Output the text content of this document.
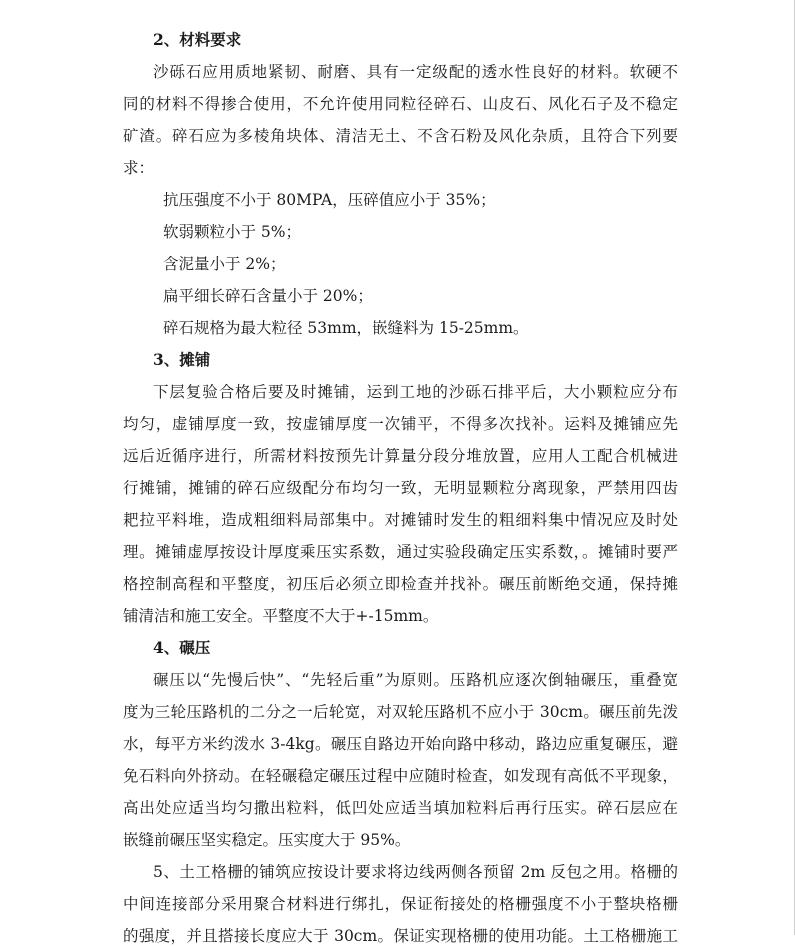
2、材料要求
沙砾石应用质地紧韧、耐磨、具有一定级配的透水性良好的材料。软硬不
同的材料不得掺合使用，不允许使用同粒径碎石、山皮石、风化石子及不稳定
矿渣。碎石应为多棱角块体、清洁无土、不含石粉及风化杂质，且符合下列要
求：
抗压强度不小于 80MPA，压碎值应小于 35%；
软弱颗粒小于 5%；
含泥量小于 2%；
扁平细长碎石含量小于 20%；
碎石规格为最大粒径 53mm，嵌缝料为 15-25mm。
3、摊铺
下层复验合格后要及时摊铺，运到工地的沙砾石排平后，大小颗粒应分布
均匀，虚铺厚度一致，按虚铺厚度一次铺平，不得多次找补。运料及摊铺应先
远后近循序进行，所需材料按预先计算量分段分堆放置，应用人工配合机械进
行摊铺，摊铺的碎石应级配分布均匀一致，无明显颗粒分离现象，严禁用四齿
耙拉平料堆，造成粗细料局部集中。对摊铺时发生的粗细料集中情况应及时处
理。摊铺虚厚按设计厚度乘压实系数，通过实验段确定压实系数，。摊铺时要严
格控制高程和平整度，初压后必须立即检查并找补。碾压前断绝交通，保持摊
铺清洁和施工安全。平整度不大于+-15mm。
4、碾压
碾压以“先慢后快”、“先轻后重”为原则。压路机应逐次倒轴碾压，重叠宽
度为三轮压路机的二分之一后轮宽，对双轮压路机不应小于 30cm。碾压前先泼
水，每平方米约泼水 3-4kg。碾压自路边开始向路中移动，路边应重复碾压，避
免石料向外挤动。在轻碾稳定碾压过程中应随时检查，如发现有高低不平现象，
高出处应适当均匀撒出粒料，低凹处应适当填加粒料后再行压实。碎石层应在
嵌缝前碾压坚实稳定。压实度大于 95%。
5、土工格栅的铺筑应按设计要求将边线两侧各预留 2m 反包之用。格栅的
中间连接部分采用聚合材料进行绑扎，保证衔接处的格栅强度不小于整块格栅
的强度，并且搭接长度应大于 30cm。保证实现格栅的使用功能。土工格栅施工
